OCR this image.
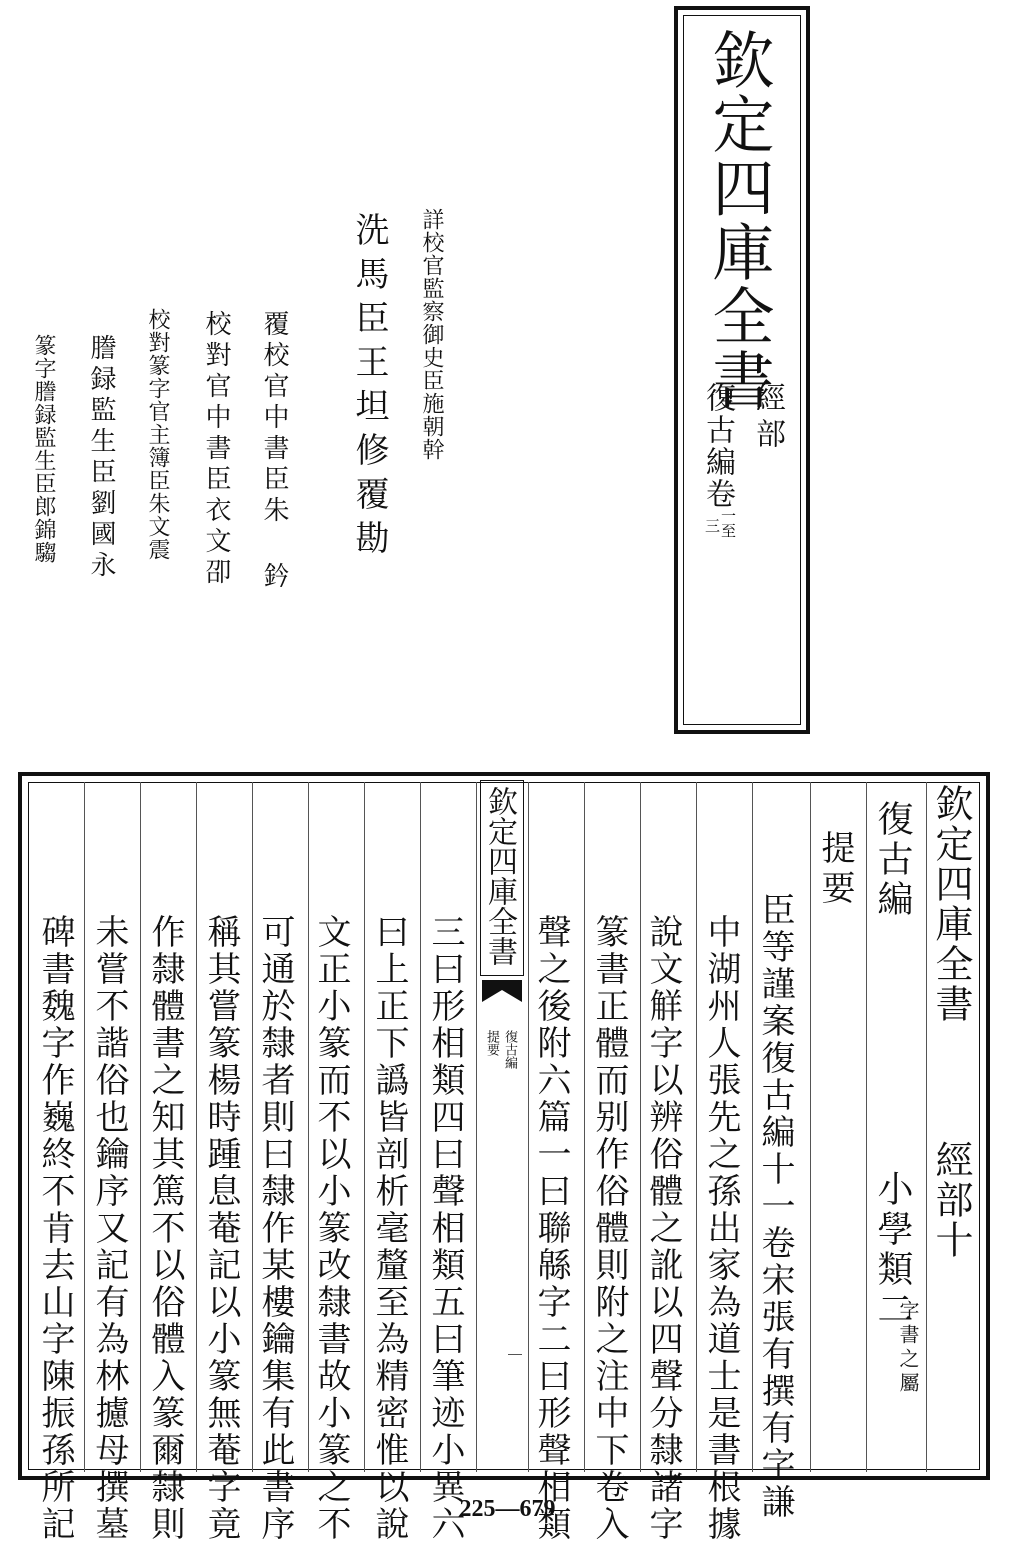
欽定四庫全書

經部

復古編卷

一至

三

詳校官監察御史臣施朝幹

洗馬臣王坦修覆勘

覆校官中書臣朱 鈐

校對官中書臣衣文卲

校對篆字官主簿臣朱文震

謄録監生臣劉國永

篆字謄録監生臣郎錦騶

欽定四庫全書

經部十

復古編

小學類二

字書之屬

提要

臣等謹案復古編十一卷宋張有撰有字謙

中湖州人張先之孫出家為道士是書根據

說文觧字以辨俗體之訛以四聲分隸諸字

篆書正體而别作俗體則附之注中下卷入

聲之後附六篇一曰聯緜字二曰形聲相類

三曰形相類四曰聲相類五曰筆迹小異六

曰上正下譌皆剖析毫釐至為精密惟以說

文正小篆而不以小篆改隸書故小篆之不

可通於隸者則曰隸作某樓鑰集有此書序

稱其嘗篆楊時踵息菴記以小篆無菴字竟

作隸體書之知其篤不以俗體入篆爾隸則

未嘗不諧俗也鑰序又記有為林攄母撰墓

碑書魏字作巍終不肯去山字陳振孫所記

欽定四庫全書

復古編

提要

225—679
